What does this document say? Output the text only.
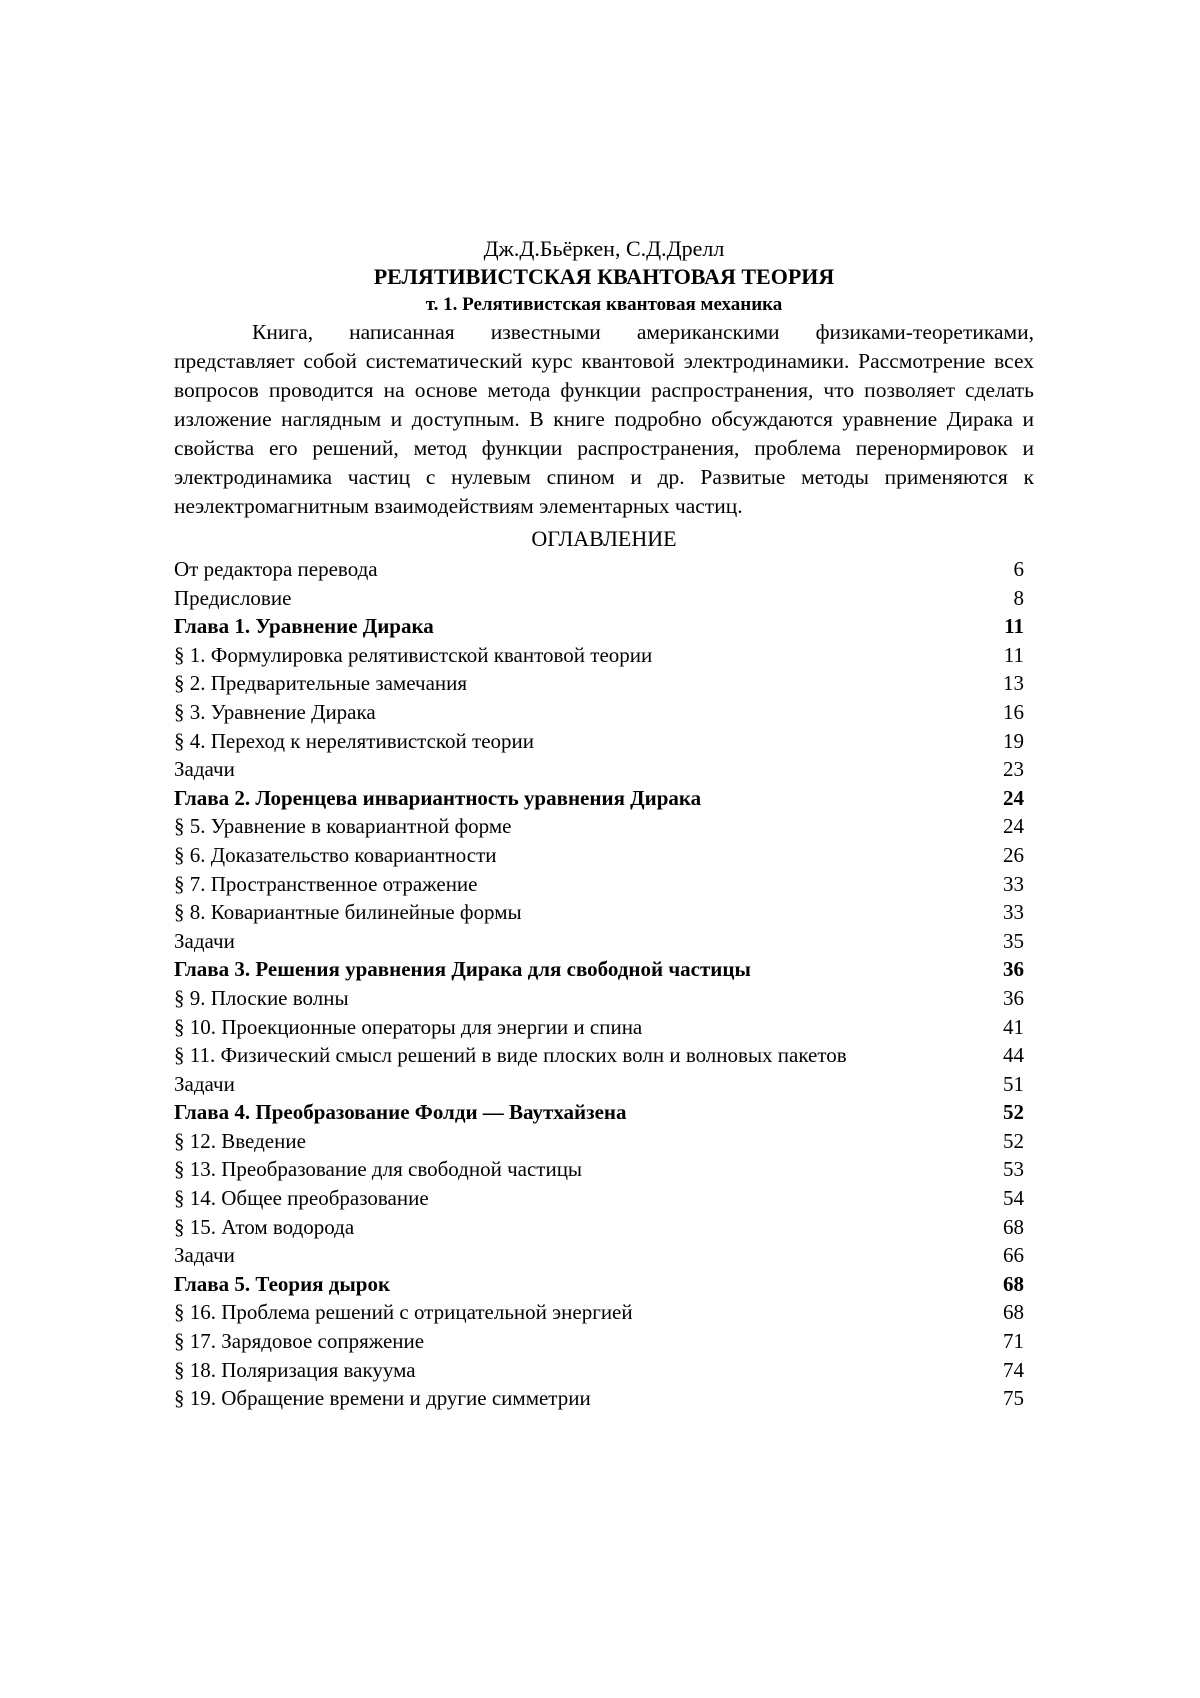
Дж.Д.Бьёркен, С.Д.Дрелл
РЕЛЯТИВИСТСКАЯ КВАНТОВАЯ ТЕОРИЯ
т. 1. Релятивистская квантовая механика

Книга, написанная известными американскими физиками-теоретиками, представляет собой систематический курс квантовой электродинамики. Рассмотрение всех вопросов проводится на основе метода функции распространения, что позволяет сделать изложение наглядным и доступным. В книге подробно обсуждаются уравнение Дирака и свойства его решений, метод функции распространения, проблема перенормировок и электродинамика частиц с нулевым спином и др. Развитые методы применяются к неэлектромагнитным взаимодействиям элементарных частиц.

ОГЛАВЛЕНИЕ
От редактора перевода	6
Предисловие	8
Глава 1. Уравнение Дирака	11
§ 1. Формулировка релятивистской квантовой теории	11
§ 2. Предварительные замечания	13
§ 3. Уравнение Дирака	16
§ 4. Переход к нерелятивистской теории	19
Задачи	23
Глава 2. Лоренцева инвариантность уравнения Дирака	24
§ 5. Уравнение в ковариантной форме	24
§ 6. Доказательство ковариантности	26
§ 7. Пространственное отражение	33
§ 8. Ковариантные билинейные формы	33
Задачи	35
Глава 3. Решения уравнения Дирака для свободной частицы	36
§ 9. Плоские волны	36
§ 10. Проекционные операторы для энергии и спина	41
§ 11. Физический смысл решений в виде плоских волн и волновых пакетов	44
Задачи	51
Глава 4. Преобразование Фолди — Ваутхайзена	52
§ 12. Введение	52
§ 13. Преобразование для свободной частицы	53
§ 14. Общее преобразование	54
§ 15. Атом водорода	68
Задачи	66
Глава 5. Теория дырок	68
§ 16. Проблема решений с отрицательной энергией	68
§ 17. Зарядовое сопряжение	71
§ 18. Поляризация вакуума	74
§ 19. Обращение времени и другие симметрии	75
